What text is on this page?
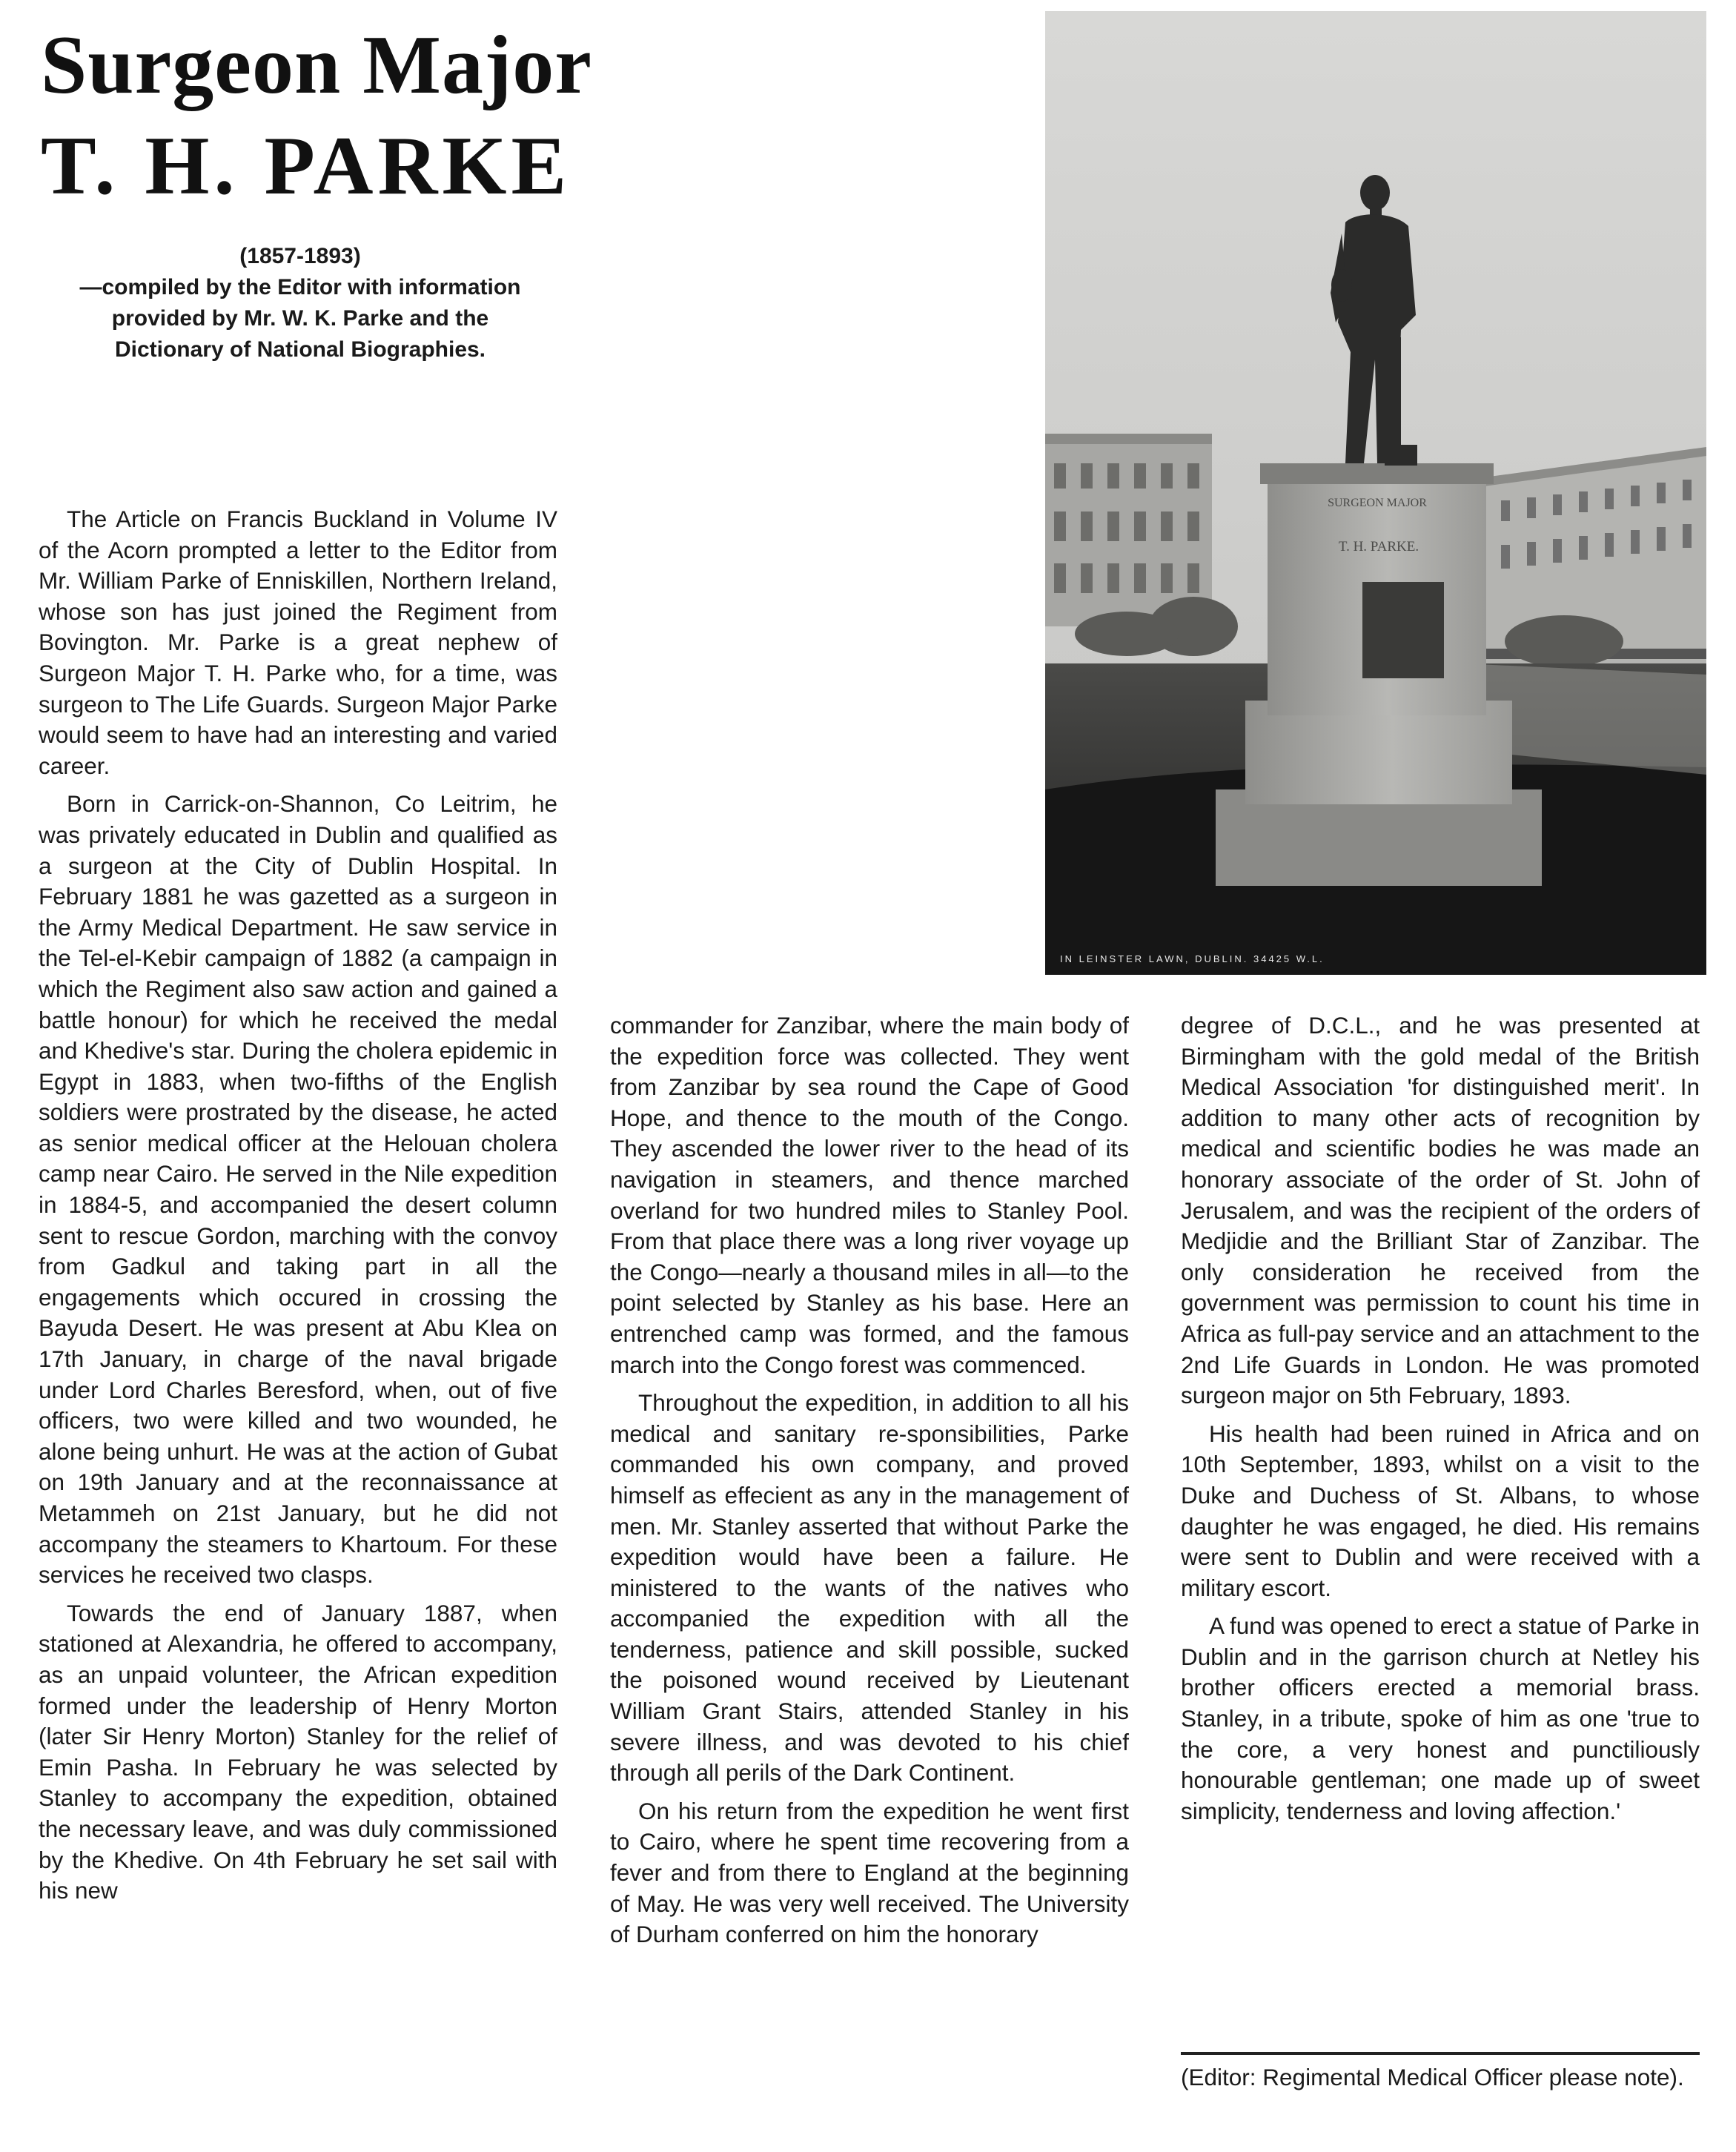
Surgeon Major
T. H. PARKE
(1857-1893)
—compiled by the Editor with information
provided by Mr. W. K. Parke and the
Dictionary of National Biographies.
SURGEON MAJOR
T. H. PARKE.
IN LEINSTER LAWN, DUBLIN. 34425 W.L.

The Article on Francis Buckland in Volume IV of the Acorn prompted a letter to the Editor from Mr. William Parke of Enniskillen, Northern Ireland, whose son has just joined the Regiment from Bovington. Mr. Parke is a great nephew of Surgeon Major T. H. Parke who, for a time, was surgeon to The Life Guards. Surgeon Major Parke would seem to have had an interesting and varied career.

Born in Carrick-on-Shannon, Co Leitrim, he was privately educated in Dublin and qualified as a surgeon at the City of Dublin Hospital. In February 1881 he was gazetted as a surgeon in the Army Medical Department. He saw service in the Tel-el-Kebir campaign of 1882 (a campaign in which the Regiment also saw action and gained a battle honour) for which he received the medal and Khedive's star. During the cholera epidemic in Egypt in 1883, when two-fifths of the English soldiers were prostrated by the disease, he acted as senior medical officer at the Helouan cholera camp near Cairo. He served in the Nile expedition in 1884-5, and accompanied the desert column sent to rescue Gordon, marching with the convoy from Gadkul and taking part in all the engagements which occured in crossing the Bayuda Desert. He was present at Abu Klea on 17th January, in charge of the naval brigade under Lord Charles Beresford, when, out of five officers, two were killed and two wounded, he alone being unhurt. He was at the action of Gubat on 19th January and at the reconnaissance at Metammeh on 21st January, but he did not accompany the steamers to Khartoum. For these services he received two clasps.

Towards the end of January 1887, when stationed at Alexandria, he offered to accompany, as an unpaid volunteer, the African expedition formed under the leadership of Henry Morton (later Sir Henry Morton) Stanley for the relief of Emin Pasha. In February he was selected by Stanley to accompany the expedition, obtained the necessary leave, and was duly commissioned by the Khedive. On 4th February he set sail with his new

commander for Zanzibar, where the main body of the expedition force was collected. They went from Zanzibar by sea round the Cape of Good Hope, and thence to the mouth of the Congo. They ascended the lower river to the head of its navigation in steamers, and thence marched overland for two hundred miles to Stanley Pool. From that place there was a long river voyage up the Congo—nearly a thousand miles in all—to the point selected by Stanley as his base. Here an entrenched camp was formed, and the famous march into the Congo forest was commenced.

Throughout the expedition, in addition to all his medical and sanitary re-sponsibilities, Parke commanded his own company, and proved himself as effecient as any in the management of men. Mr. Stanley asserted that without Parke the expedition would have been a failure. He ministered to the wants of the natives who accompanied the expedition with all the tenderness, patience and skill possible, sucked the poisoned wound received by Lieutenant William Grant Stairs, attended Stanley in his severe illness, and was devoted to his chief through all perils of the Dark Continent.

On his return from the expedition he went first to Cairo, where he spent time recovering from a fever and from there to England at the beginning of May. He was very well received. The University of Durham conferred on him the honorary

degree of D.C.L., and he was presented at Birmingham with the gold medal of the British Medical Association 'for distinguished merit'. In addition to many other acts of recognition by medical and scientific bodies he was made an honorary associate of the order of St. John of Jerusalem, and was the recipient of the orders of Medjidie and the Brilliant Star of Zanzibar. The only consideration he received from the government was permission to count his time in Africa as full-pay service and an attachment to the 2nd Life Guards in London. He was promoted surgeon major on 5th February, 1893.

His health had been ruined in Africa and on 10th September, 1893, whilst on a visit to the Duke and Duchess of St. Albans, to whose daughter he was engaged, he died. His remains were sent to Dublin and were received with a military escort.

A fund was opened to erect a statue of Parke in Dublin and in the garrison church at Netley his brother officers erected a memorial brass. Stanley, in a tribute, spoke of him as one 'true to the core, a very honest and punctiliously honourable gentleman; one made up of sweet simplicity, tenderness and loving affection.'

(Editor: Regimental Medical Officer please note).
